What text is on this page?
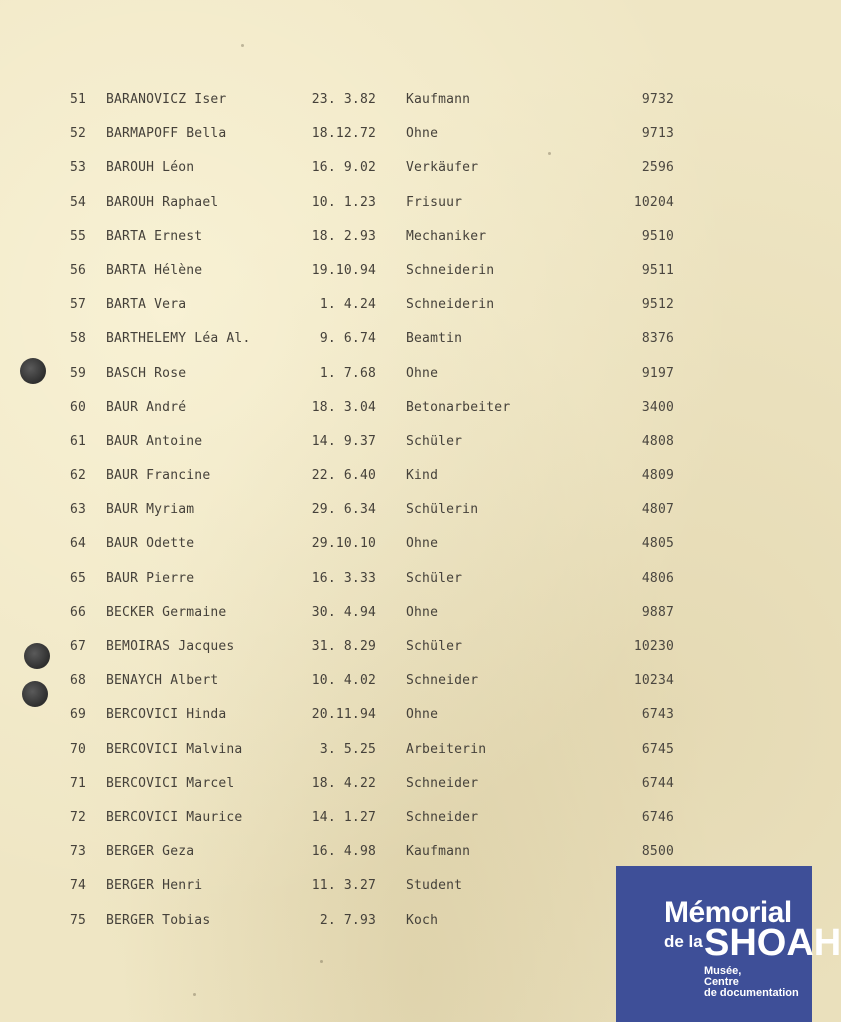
51	BARANOVICZ Iser	23. 3.82 Kaufmann	9732
52	BARMAPOFF Bella	18.12.72 Ohne	9713
53	BAROUH Léon	16. 9.02 Verkäufer	2596
54	BAROUH Raphael	10. 1.23 Frisuur	10204
55	BARTA Ernest	18. 2.93 Mechaniker	9510
56	BARTA Hélène	19.10.94 Schneiderin	9511
57	BARTA Vera	1. 4.24 Schneiderin	9512
58	BARTHELEMY Léa Al.	9. 6.74 Beamtin	8376
59	BASCH Rose	1. 7.68 Ohne	9197
60	BAUR André	18. 3.04 Betonarbeiter	3400
61	BAUR Antoine	14. 9.37 Schüler	4808
62	BAUR Francine	22. 6.40 Kind	4809
63	BAUR Myriam	29. 6.34 Schülerin	4807
64	BAUR Odette	29.10.10 Ohne	4805
65	BAUR Pierre	16. 3.33 Schüler	4806
66	BECKER Germaine	30. 4.94 Ohne	9887
67	BEMOIRAS Jacques	31. 8.29 Schüler	10230
68	BENAYCH Albert	10. 4.02 Schneider	10234
69	BERCOVICI Hinda	20.11.94 Ohne	6743
70	BERCOVICI Malvina	3. 5.25 Arbeiterin	6745
71	BERCOVICI Marcel	18. 4.22 Schneider	6744
72	BERCOVICI Maurice	14. 1.27 Schneider	6746
73	BERGER Geza	16. 4.98 Kaufmann	8500
74	BERGER Henri	11. 3.27 Student
75	BERGER Tobias	2. 7.93 Koch	Mémorial
de la SHOAH
Musée,
Centre
de documentation
